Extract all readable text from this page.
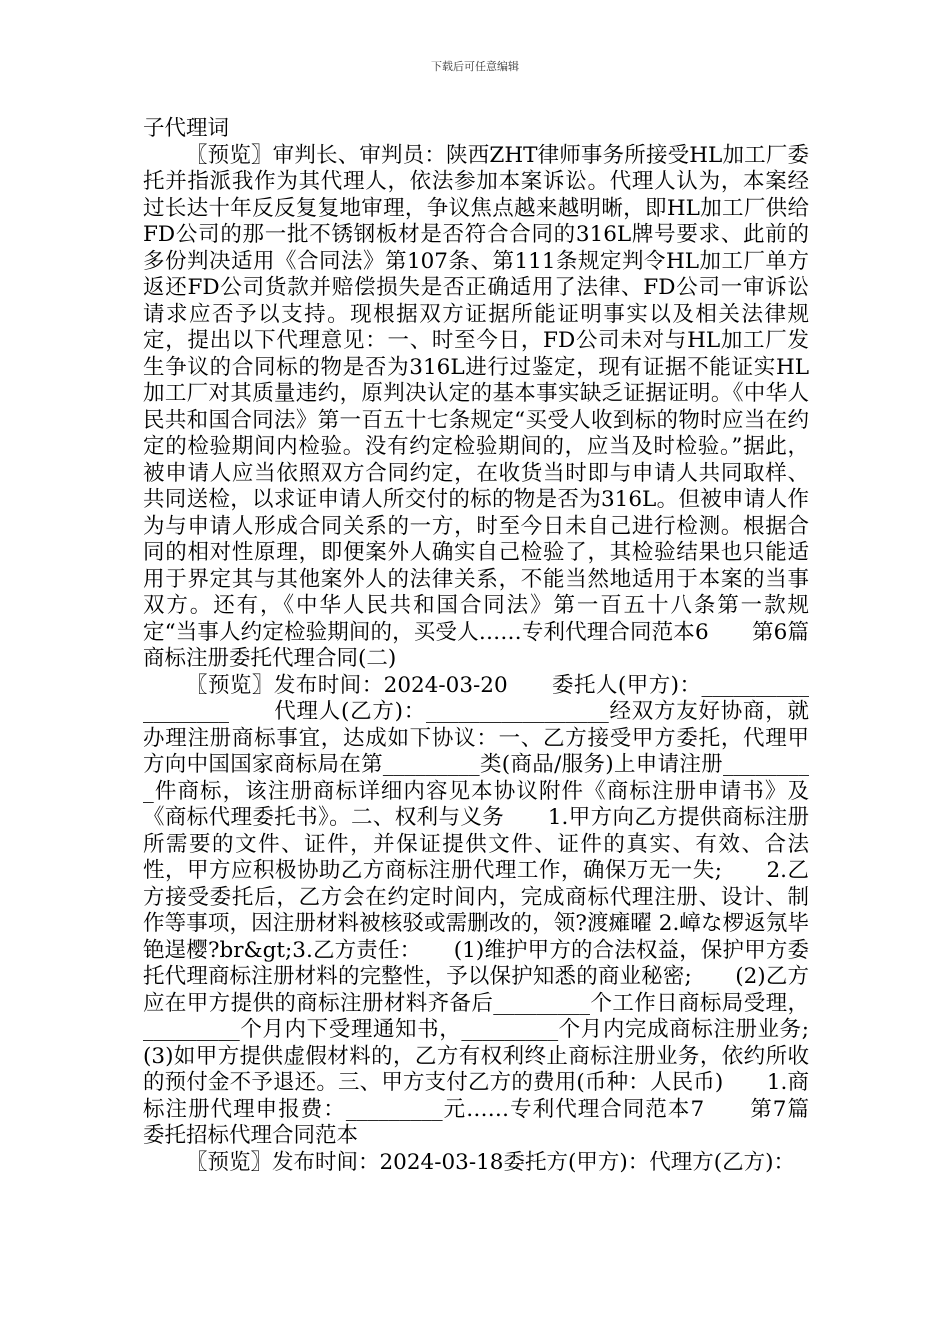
下载后可任意编辑

子代理词

〖预览〗审判长、审判员：陕西ZHT律师事务所接受HL加工厂委托并指派我作为其代理人，依法参加本案诉讼。代理人认为，本案经过长达十年反反复复地审理，争议焦点越来越明晰，即HL加工厂供给FD公司的那一批不锈钢板材是否符合合同的316L牌号要求、此前的多份判决适用《合同法》第107条、第111条规定判令HL加工厂单方返还FD公司货款并赔偿损失是否正确适用了法律、FD公司一审诉讼请求应否予以支持。现根据双方证据所能证明事实以及相关法律规定，提出以下代理意见：一、时至今日，FD公司未对与HL加工厂发生争议的合同标的物是否为316L进行过鉴定，现有证据不能证实HL加工厂对其质量违约，原判决认定的基本事实缺乏证据证明。《中华人民共和国合同法》第一百五十七条规定“买受人收到标的物时应当在约定的检验期间内检验。没有约定检验期间的，应当及时检验。”据此，被申请人应当依照双方合同约定，在收货当时即与申请人共同取样、共同送检，以求证申请人所交付的标的物是否为316L。但被申请人作为与申请人形成合同关系的一方，时至今日未自己进行检测。根据合同的相对性原理，即便案外人确实自己检验了，其检验结果也只能适用于界定其与其他案外人的法律关系，不能当然地适用于本案的当事双方。还有，《中华人民共和国合同法》第一百五十八条第一款规定“当事人约定检验期间的，买受人……专利代理合同范本6　　第6篇 商标注册委托代理合同(二)

〖预览〗发布时间：2024-03-20　　委托人(甲方)：__________________　　代理人(乙方)：_________________经双方友好协商，就办理注册商标事宜，达成如下协议：一、乙方接受甲方委托，代理甲方向中国国家商标局在第_________类(商品/服务)上申请注册_________件商标，该注册商标详细内容见本协议附件《商标注册申请书》及《商标代理委托书》。二、权利与义务　　1.甲方向乙方提供商标注册所需要的文件、证件，并保证提供文件、证件的真实、有效、合法性，甲方应积极协助乙方商标注册代理工作，确保万无一失;　　2.乙方接受委托后，乙方会在约定时间内，完成商标代理注册、设计、制作等事项，因注册材料被核驳或需删改的，领?渡瘫曜 2.嶂な椤返氖毕铯逞樱?br&gt;3.乙方责任：　　(1)维护甲方的合法权益，保护甲方委托代理商标注册材料的完整性，予以保护知悉的商业秘密;　　(2)乙方应在甲方提供的商标注册材料齐备后_________个工作日商标局受理，_________个月内下受理通知书，_________个月内完成商标注册业务;　　(3)如甲方提供虚假材料的，乙方有权利终止商标注册业务，依约所收的预付金不予退还。三、甲方支付乙方的费用(币种：人民币)　　1.商标注册代理申报费：_________元……专利代理合同范本7　　第7篇 委托招标代理合同范本

〖预览〗发布时间：2024-03-18委托方(甲方)：代理方(乙方)：
